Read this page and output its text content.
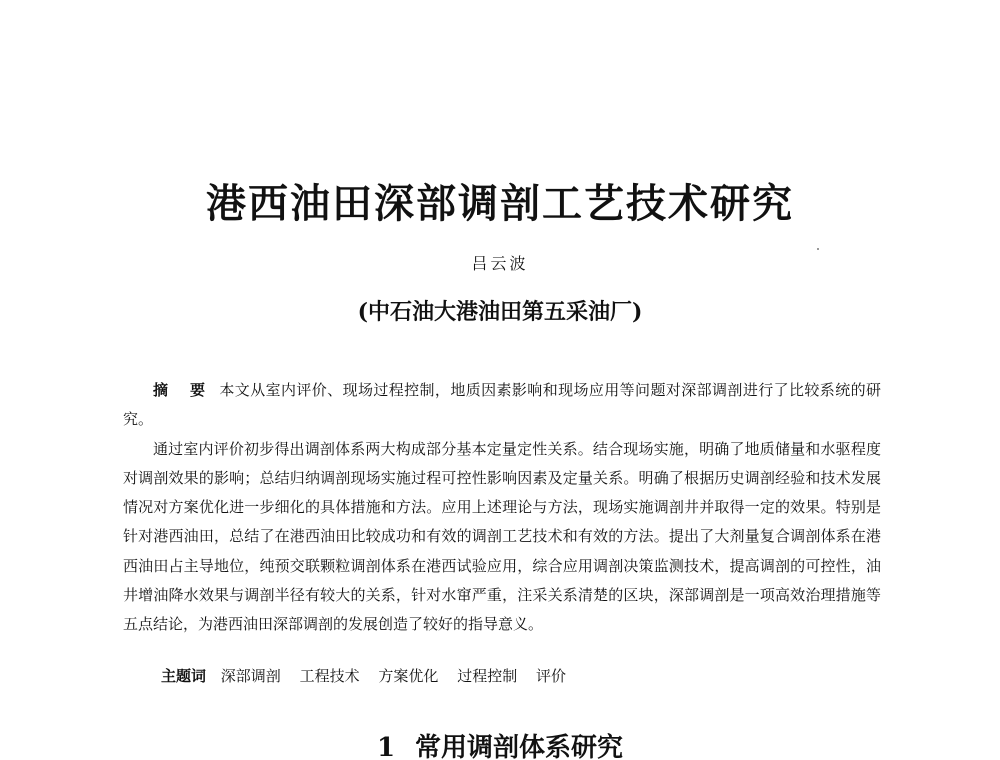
港西油田深部调剖工艺技术研究
吕云波
(中石油大港油田第五采油厂)

摘 要 本文从室内评价、现场过程控制，地质因素影响和现场应用等问题对深部调剖进行了比较系统的研究。

通过室内评价初步得出调剖体系两大构成部分基本定量定性关系。结合现场实施，明确了地质储量和水驱程度对调剖效果的影响；总结归纳调剖现场实施过程可控性影响因素及定量关系。明确了根据历史调剖经验和技术发展情况对方案优化进一步细化的具体措施和方法。应用上述理论与方法，现场实施调剖井并取得一定的效果。特别是针对港西油田，总结了在港西油田比较成功和有效的调剖工艺技术和有效的方法。提出了大剂量复合调剖体系在港西油田占主导地位，纯预交联颗粒调剖体系在港西试验应用，综合应用调剖决策监测技术，提高调剖的可控性，油井增油降水效果与调剖半径有较大的关系，针对水窜严重，注采关系清楚的区块，深部调剖是一项高效治理措施等五点结论，为港西油田深部调剖的发展创造了较好的指导意义。

主题词 深部调剖 工程技术 方案优化 过程控制 评价
1 常用调剖体系研究
